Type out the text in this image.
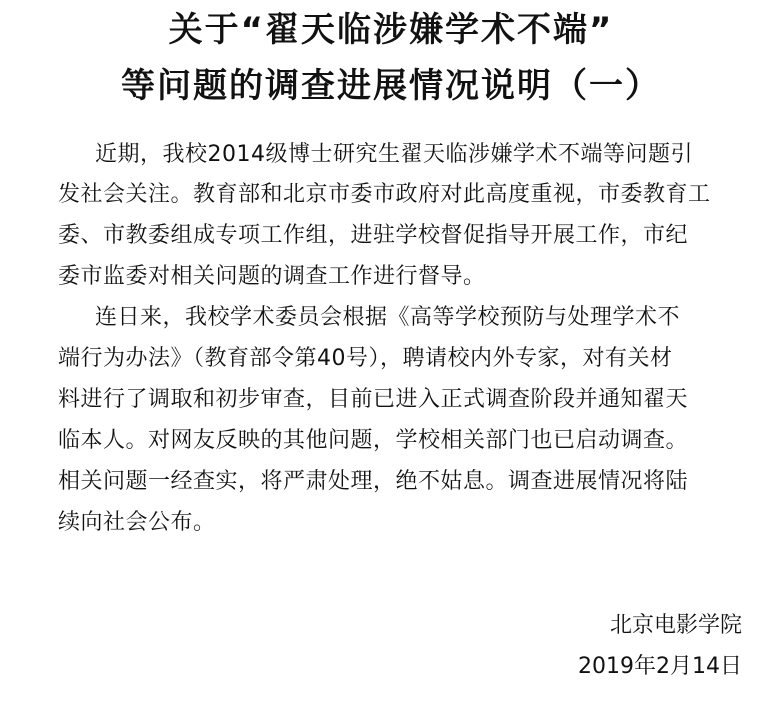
关于“翟天临涉嫌学术不端”
等问题的调查进展情况说明（一）
近期，我校2014级博士研究生翟天临涉嫌学术不端等问题引
发社会关注。教育部和北京市委市政府对此高度重视，市委教育工
委、市教委组成专项工作组，进驻学校督促指导开展工作，市纪
委市监委对相关问题的调查工作进行督导。
连日来，我校学术委员会根据《高等学校预防与处理学术不
端行为办法》（教育部令第40号），聘请校内外专家，对有关材
料进行了调取和初步审查，目前已进入正式调查阶段并通知翟天
临本人。对网友反映的其他问题，学校相关部门也已启动调查。
相关问题一经查实，将严肃处理，绝不姑息。调查进展情况将陆
续向社会公布。
北京电影学院
2019年2月14日
